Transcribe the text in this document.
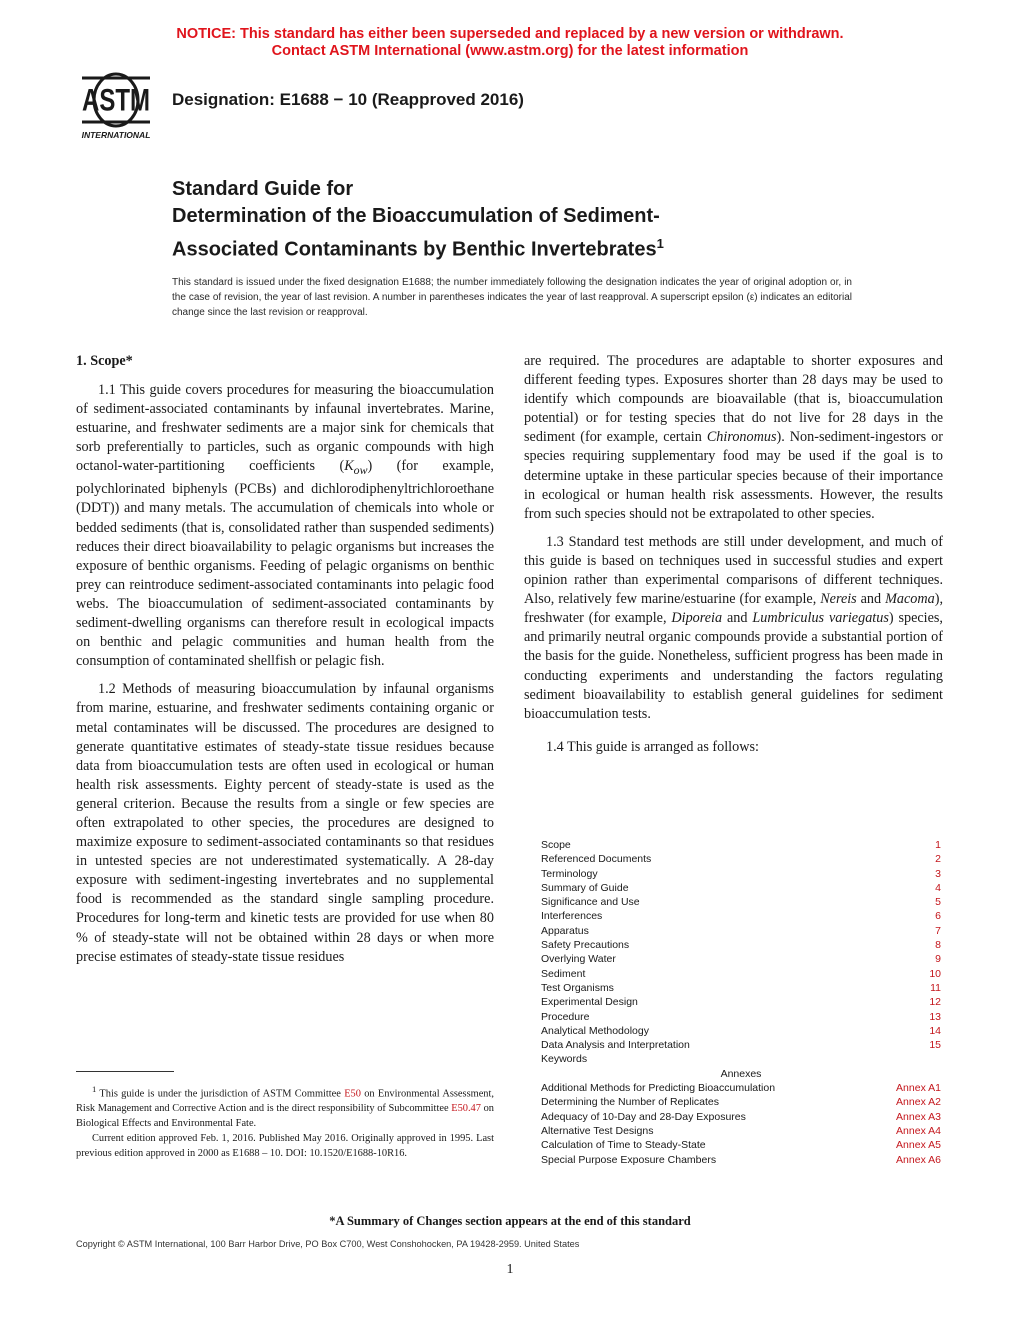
NOTICE: This standard has either been superseded and replaced by a new version or withdrawn.
Contact ASTM International (www.astm.org) for the latest information
ASTM
INTERNATIONAL
Designation: E1688 − 10 (Reapproved 2016)
Standard Guide for
Determination of the Bioaccumulation of Sediment-
Associated Contaminants by Benthic Invertebrates$^1$
This standard is issued under the fixed designation E1688; the number immediately following the designation indicates the year of original adoption or, in the case of revision, the year of last revision. A number in parentheses indicates the year of last reapproval. A superscript epsilon (ε) indicates an editorial change since the last revision or reapproval.

1. Scope*

1.1 This guide covers procedures for measuring the bioaccumulation of sediment-associated contaminants by infaunal invertebrates. Marine, estuarine, and freshwater sediments are a major sink for chemicals that sorb preferentially to particles, such as organic compounds with high octanol-water-partitioning coefficients $(K_{ow})$ (for example, polychlorinated biphenyls (PCBs) and dichlorodiphenyltrichloroethane (DDT)) and many metals. The accumulation of chemicals into whole or bedded sediments (that is, consolidated rather than suspended sediments) reduces their direct bioavailability to pelagic organisms but increases the exposure of benthic organisms. Feeding of pelagic organisms on benthic prey can reintroduce sediment-associated contaminants into pelagic food webs. The bioaccumulation of sediment-associated contaminants by sediment-dwelling organisms can therefore result in ecological impacts on benthic and pelagic communities and human health from the consumption of contaminated shellfish or pelagic fish.

1.2 Methods of measuring bioaccumulation by infaunal organisms from marine, estuarine, and freshwater sediments containing organic or metal contaminates will be discussed. The procedures are designed to generate quantitative estimates of steady-state tissue residues because data from bioaccumulation tests are often used in ecological or human health risk assessments. Eighty percent of steady-state is used as the general criterion. Because the results from a single or few species are often extrapolated to other species, the procedures are designed to maximize exposure to sediment-associated contaminants so that residues in untested species are not underestimated systematically. A 28-day exposure with sediment-ingesting invertebrates and no supplemental food is recommended as the standard single sampling procedure. Procedures for long-term and kinetic tests are provided for use when 80 % of steady-state will not be obtained within 28 days or when more precise estimates of steady-state tissue residues

are required. The procedures are adaptable to shorter exposures and different feeding types. Exposures shorter than 28 days may be used to identify which compounds are bioavailable (that is, bioaccumulation potential) or for testing species that do not live for 28 days in the sediment (for example, certain Chironomus). Non-sediment-ingestors or species requiring supplementary food may be used if the goal is to determine uptake in these particular species because of their importance in ecological or human health risk assessments. However, the results from such species should not be extrapolated to other species.

1.3 Standard test methods are still under development, and much of this guide is based on techniques used in successful studies and expert opinion rather than experimental comparisons of different techniques. Also, relatively few marine/estuarine (for example, Nereis and Macoma), freshwater (for example, Diporeia and Lumbriculus variegatus) species, and primarily neutral organic compounds provide a substantial portion of the basis for the guide. Nonetheless, sufficient progress has been made in conducting experiments and understanding the factors regulating sediment bioavailability to establish general guidelines for sediment bioaccumulation tests.

1.4 This guide is arranged as follows:

Scope	1
Referenced Documents	2
Terminology	3
Summary of Guide	4
Significance and Use	5
Interferences	6
Apparatus	7
Safety Precautions	8
Overlying Water	9
Sediment	10
Test Organisms	11
Experimental Design	12
Procedure	13
Analytical Methodology	14
Data Analysis and Interpretation	15
Keywords
Annexes
Additional Methods for Predicting Bioaccumulation	Annex A1
Determining the Number of Replicates	Annex A2
Adequacy of 10-Day and 28-Day Exposures	Annex A3
Alternative Test Designs	Annex A4
Calculation of Time to Steady-State	Annex A5
Special Purpose Exposure Chambers	Annex A6

$^1$ This guide is under the jurisdiction of ASTM Committee E50 on Environmental Assessment, Risk Management and Corrective Action and is the direct responsibility of Subcommittee E50.47 on Biological Effects and Environmental Fate.

Current edition approved Feb. 1, 2016. Published May 2016. Originally approved in 1995. Last previous edition approved in 2000 as E1688 – 10. DOI: 10.1520/E1688-10R16.

*A Summary of Changes section appears at the end of this standard
Copyright © ASTM International, 100 Barr Harbor Drive, PO Box C700, West Conshohocken, PA 19428-2959. United States
1
